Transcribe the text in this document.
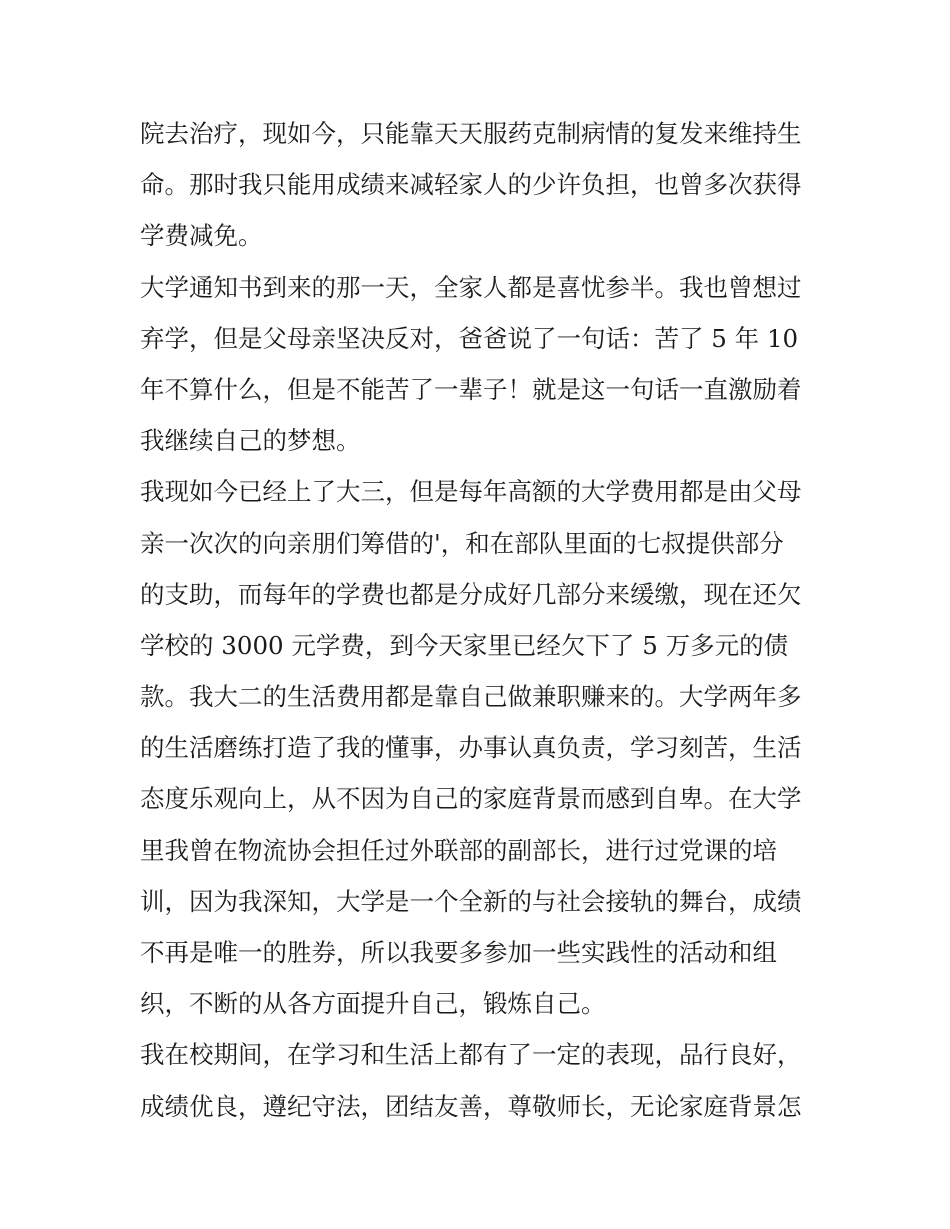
院去治疗，现如今，只能靠天天服药克制病情的复发来维持生
命。那时我只能用成绩来减轻家人的少许负担，也曾多次获得
学费减免。
大学通知书到来的那一天，全家人都是喜忧参半。我也曾想过
弃学，但是父母亲坚决反对，爸爸说了一句话：苦了 5 年 10
年不算什么，但是不能苦了一辈子！就是这一句话一直激励着
我继续自己的梦想。
我现如今已经上了大三，但是每年高额的大学费用都是由父母
亲一次次的向亲朋们筹借的'，和在部队里面的七叔提供部分
的支助，而每年的学费也都是分成好几部分来缓缴，现在还欠
学校的 3000 元学费，到今天家里已经欠下了 5 万多元的债
款。我大二的生活费用都是靠自己做兼职赚来的。大学两年多
的生活磨练打造了我的懂事，办事认真负责，学习刻苦，生活
态度乐观向上，从不因为自己的家庭背景而感到自卑。在大学
里我曾在物流协会担任过外联部的副部长，进行过党课的培
训，因为我深知，大学是一个全新的与社会接轨的舞台，成绩
不再是唯一的胜券，所以我要多参加一些实践性的活动和组
织，不断的从各方面提升自己，锻炼自己。
我在校期间，在学习和生活上都有了一定的表现，品行良好，
成绩优良，遵纪守法，团结友善，尊敬师长，无论家庭背景怎
